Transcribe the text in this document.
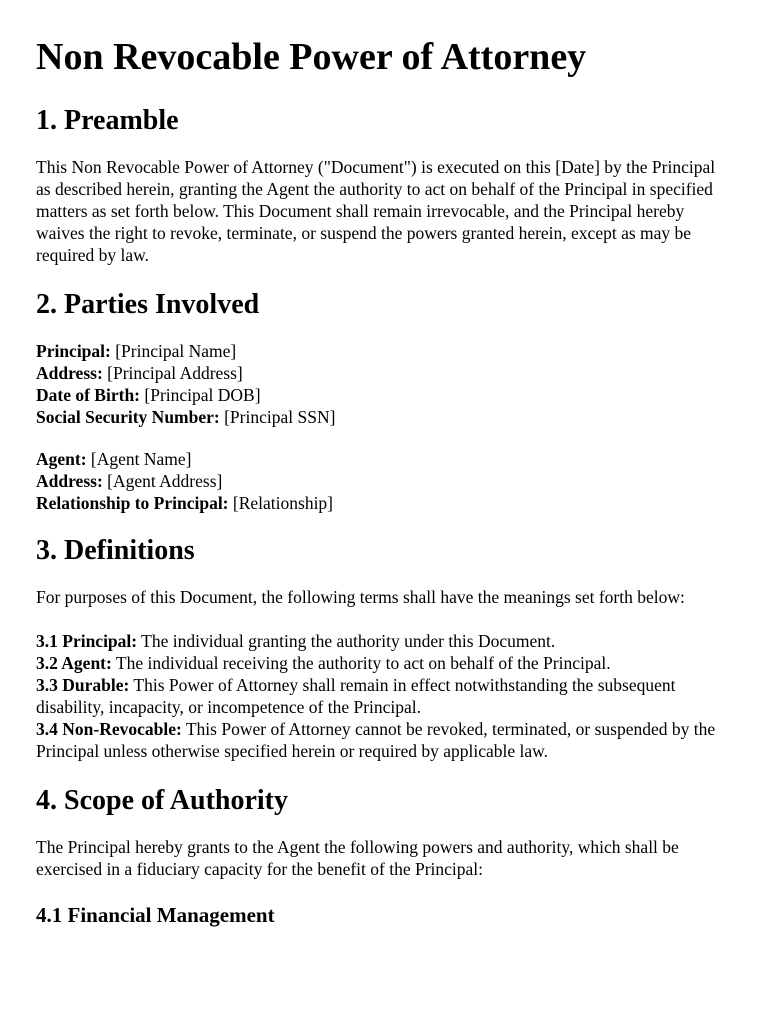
Non Revocable Power of Attorney
1. Preamble

This Non Revocable Power of Attorney ("Document") is executed on this [Date] by the Principal as described herein, granting the Agent the authority to act on behalf of the Principal in specified matters as set forth below. This Document shall remain irrevocable, and the Principal hereby waives the right to revoke, terminate, or suspend the powers granted herein, except as may be required by law.

2. Parties Involved
Principal: [Principal Name]
Address: [Principal Address]
Date of Birth: [Principal DOB]
Social Security Number: [Principal SSN]
Agent: [Agent Name]
Address: [Agent Address]
Relationship to Principal: [Relationship]
3. Definitions

For purposes of this Document, the following terms shall have the meanings set forth below:

3.1 Principal: The individual granting the authority under this Document.
3.2 Agent: The individual receiving the authority to act on behalf of the Principal.
3.3 Durable: This Power of Attorney shall remain in effect notwithstanding the subsequent disability, incapacity, or incompetence of the Principal.
3.4 Non-Revocable: This Power of Attorney cannot be revoked, terminated, or suspended by the Principal unless otherwise specified herein or required by applicable law.
4. Scope of Authority

The Principal hereby grants to the Agent the following powers and authority, which shall be exercised in a fiduciary capacity for the benefit of the Principal:

4.1 Financial Management
